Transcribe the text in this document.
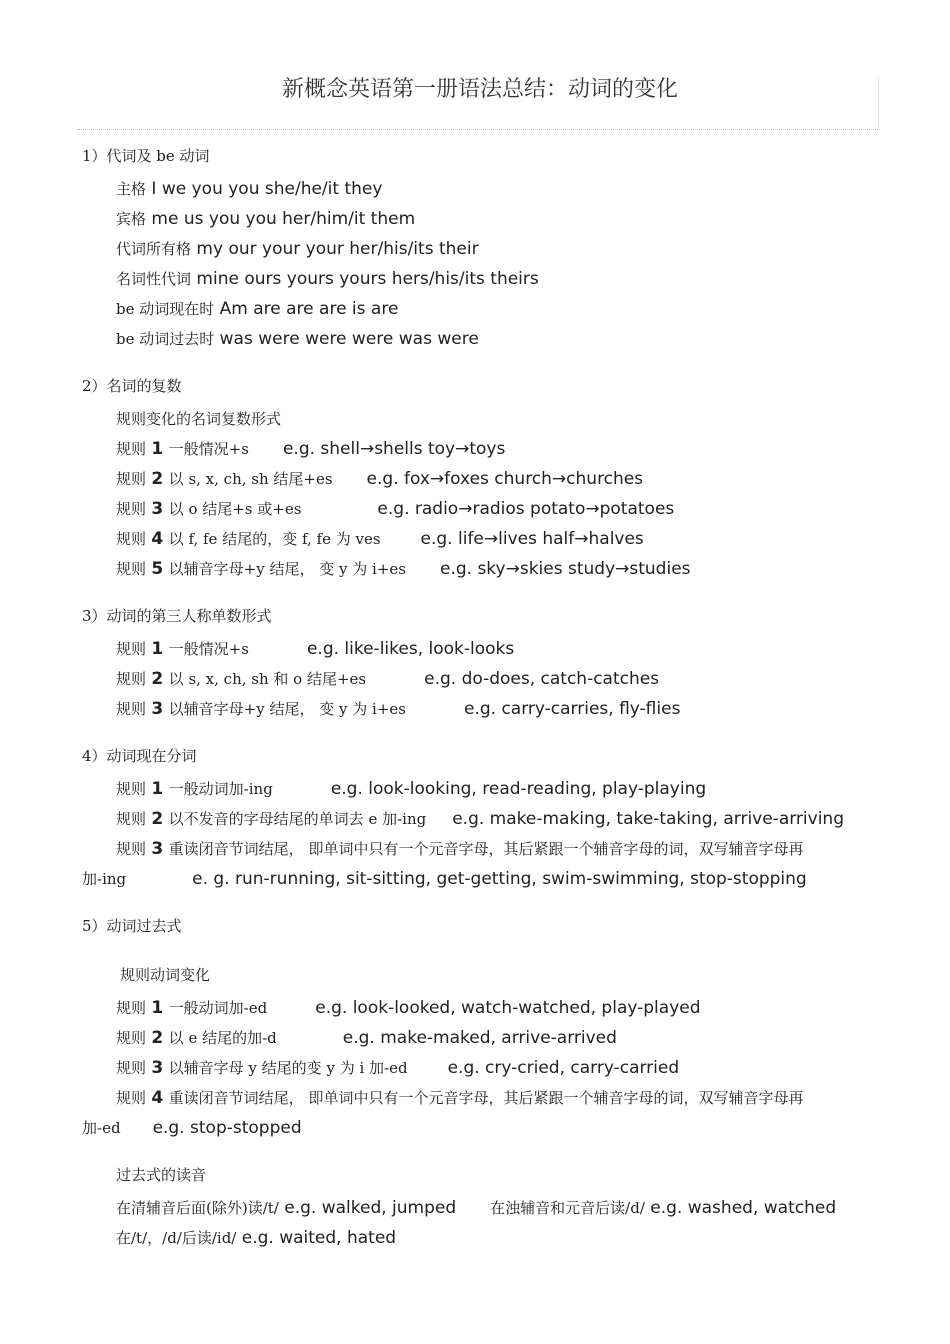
新概念英语第一册语法总结：动词的变化
1）代词及 be 动词
主格 I we you you she/he/it they
宾格 me us you you her/him/it them
代词所有格 my our your your her/his/its their
名词性代词 mine ours yours yours hers/his/its theirs
be 动词现在时 Am are are are is are
be 动词过去时 was were were were was were
2）名词的复数
规则变化的名词复数形式
规则 1 一般情况+s e.g. shell→shells toy→toys
规则 2 以 s, x, ch, sh 结尾+es e.g. fox→foxes church→churches
规则 3 以 o 结尾+s 或+es	e.g. radio→radios potato→potatoes
规则 4 以 f, fe 结尾的，变 f, fe 为 ves e.g. life→lives half→halves
规则 5 以辅音字母+y 结尾， 变 y 为 i+es e.g. sky→skies study→studies
3）动词的第三人称单数形式
规则 1 一般情况+s	e.g. like-likes, look-looks
规则 2 以 s, x, ch, sh 和 o 结尾+es	e.g. do-does, catch-catches
规则 3 以辅音字母+y 结尾， 变 y 为 i+es	e.g. carry-carries, fly-flies
4）动词现在分词
规则 1 一般动词加-ing	e.g. look-looking, read-reading, play-playing
规则 2 以不发音的字母结尾的单词去 e 加-ing e.g. make-making, take-taking, arrive-arriving
规则 3 重读闭音节词结尾， 即单词中只有一个元音字母，其后紧跟一个辅音字母的词，双写辅音字母再
加-ing	e. g. run-running, sit-sitting, get-getting, swim-swimming, stop-stopping
5）动词过去式
规则动词变化
规则 1 一般动词加-ed	e.g. look-looked, watch-watched, play-played
规则 2 以 e 结尾的加-d	e.g. make-maked, arrive-arrived
规则 3 以辅音字母 y 结尾的变 y 为 i 加-ed e.g. cry-cried, carry-carried
规则 4 重读闭音节词结尾， 即单词中只有一个元音字母，其后紧跟一个辅音字母的词，双写辅音字母再
加-ed e.g. stop-stopped
过去式的读音
在清辅音后面(除外)读/t/ e.g. walked, jumped 在浊辅音和元音后读/d/ e.g. washed, watched
在/t/，/d/后读/id/ e.g. waited, hated
